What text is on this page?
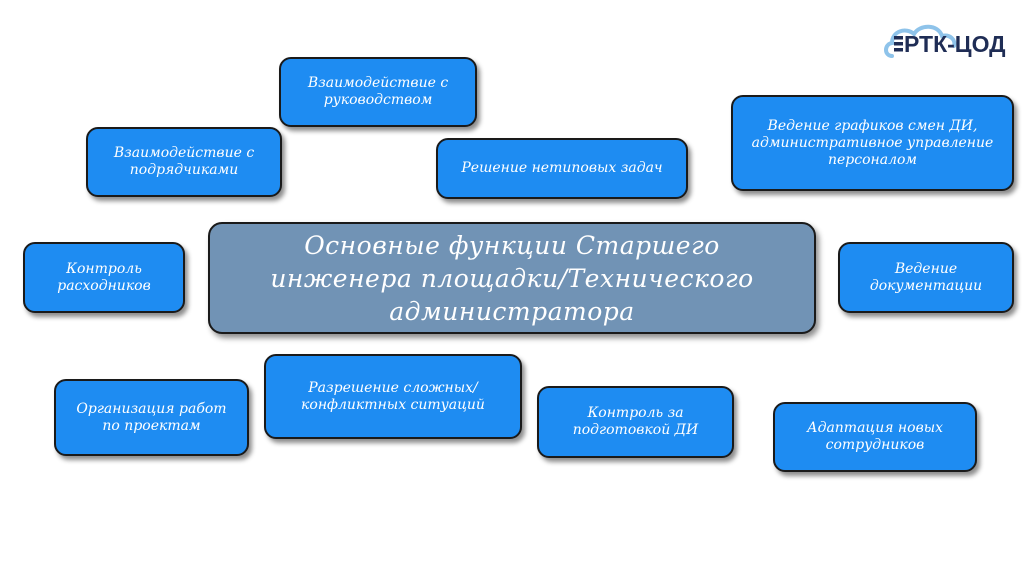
РТК-ЦОД
Основные функции Старшего инженера площадки/Технического администратора
Взаимодействие с руководством
Взаимодействие с подрядчиками	Решение нетиповых задач
Ведение графиков смен ДИ, административное управление персоналом
Контроль расходников
Ведение документации
Разрешение сложных/ конфликтных ситуаций
Организация работ по проектам
Контроль за подготовкой ДИ	Адаптация новых сотрудников
